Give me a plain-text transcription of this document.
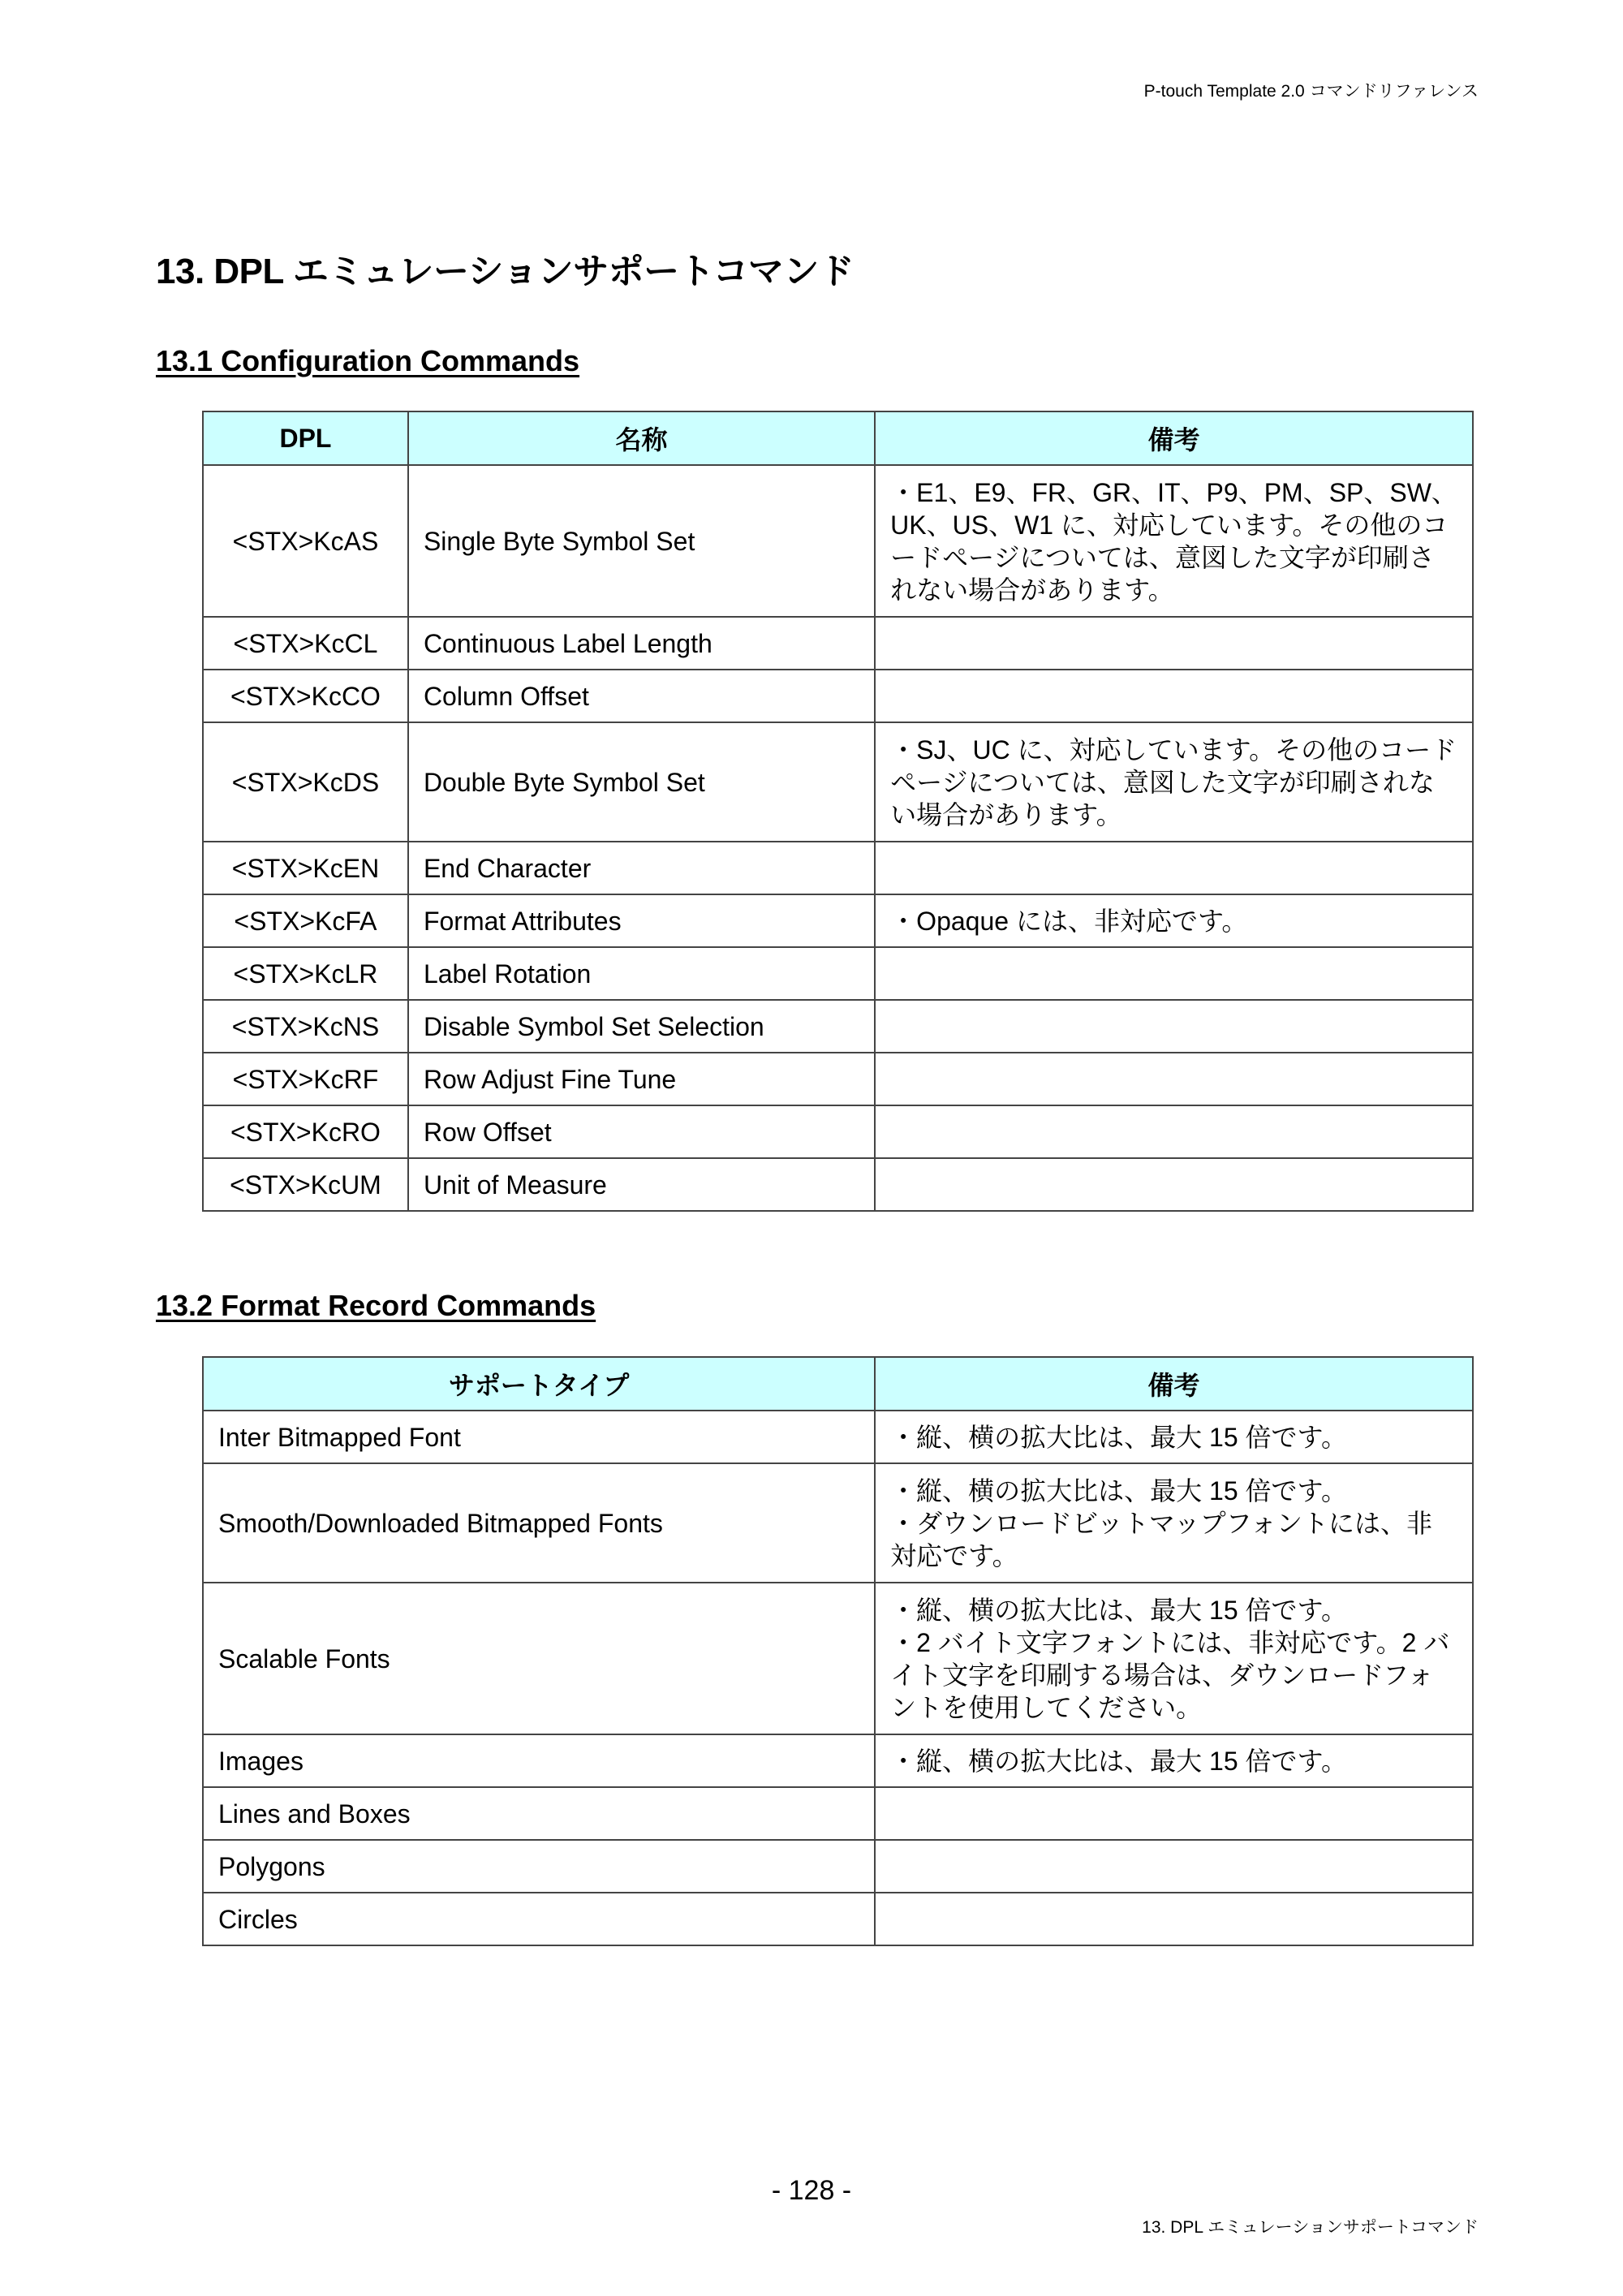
P-touch Template 2.0 コマンドリファレンス
13. DPL エミュレーションサポートコマンド
13.1 Configuration Commands
DPL	名称	備考
<STX>KcAS	Single Byte Symbol Set	・E1、E9、FR、GR、IT、P9、PM、SP、SW、UK、US、W1 に、対応しています。その他のコードページについては、意図した文字が印刷されない場合があります。
<STX>KcCL	Continuous Label Length	
<STX>KcCO	Column Offset	
<STX>KcDS	Double Byte Symbol Set	・SJ、UC に、対応しています。その他のコードページについては、意図した文字が印刷されない場合があります。
<STX>KcEN	End Character	
<STX>KcFA	Format Attributes	・Opaque には、非対応です。
<STX>KcLR	Label Rotation	
<STX>KcNS	Disable Symbol Set Selection	
<STX>KcRF	Row Adjust Fine Tune	
<STX>KcRO	Row Offset	
<STX>KcUM	Unit of Measure	
13.2 Format Record Commands
サポートタイプ	備考
Inter Bitmapped Font	・縦、横の拡大比は、最大 15 倍です。
Smooth/Downloaded Bitmapped Fonts	・縦、横の拡大比は、最大 15 倍です。
・ダウンロードビットマップフォントには、非対応です。
Scalable Fonts	・縦、横の拡大比は、最大 15 倍です。
・2 バイト文字フォントには、非対応です。2 バイト文字を印刷する場合は、ダウンロードフォントを使用してください。
Images	・縦、横の拡大比は、最大 15 倍です。
Lines and Boxes	
Polygons	
Circles	
- 128 -
13. DPL エミュレーションサポートコマンド
